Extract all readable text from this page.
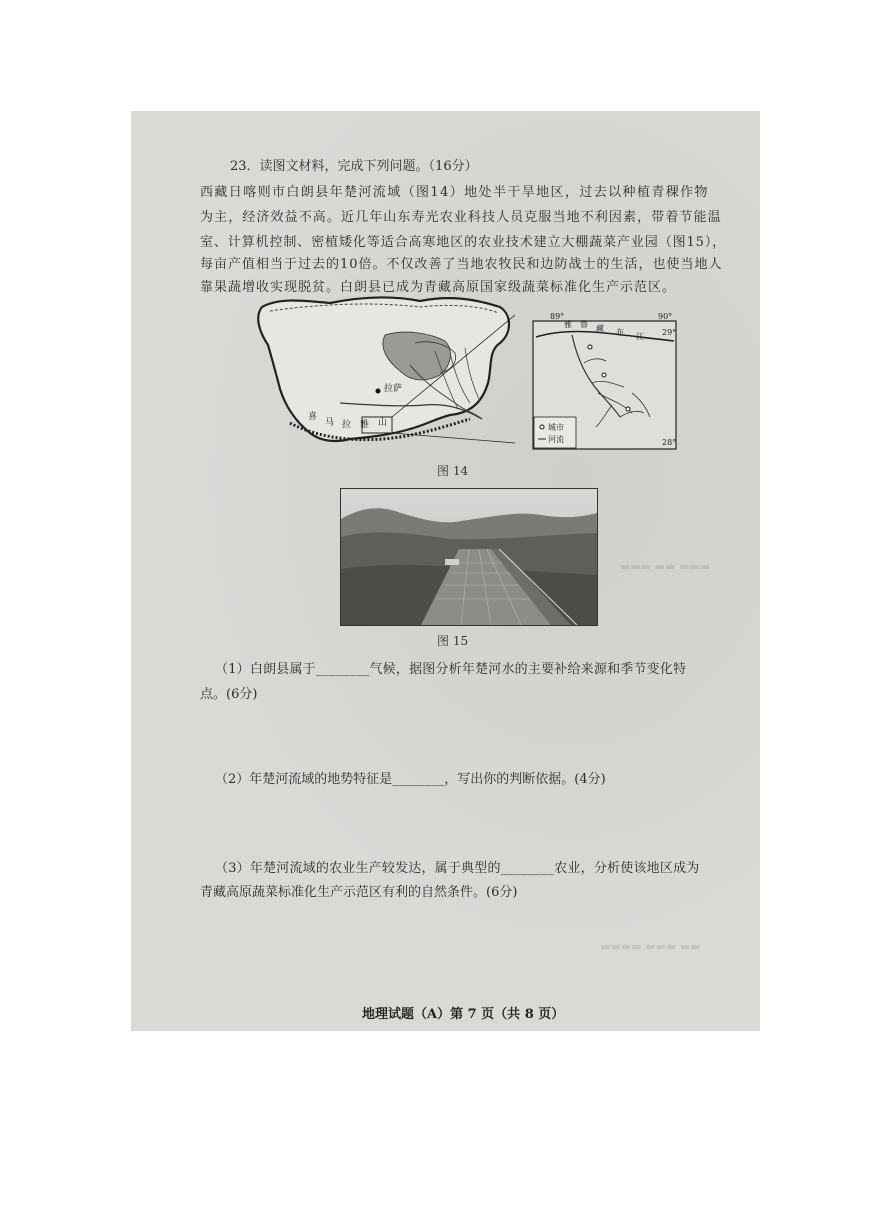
▬▬▬ ▬▬ ▬▬▬
▬▬▬▬ ▬▬▬ ▬▬
23．读图文材料，完成下列问题。（16分）
西藏日喀则市白朗县年楚河流域（图14）地处半干旱地区，过去以种植青稞作物
为主，经济效益不高。近几年山东寿光农业科技人员克服当地不利因素，带着节能温
室、计算机控制、密植矮化等适合高寒地区的农业技术建立大棚蔬菜产业园（图15），
每亩产值相当于过去的10倍。不仅改善了当地农牧民和边防战士的生活，也使当地人
靠果蔬增收实现脱贫。白朗县已成为青藏高原国家级蔬菜标准化生产示范区。
拉萨
喜
马 拉 雅 山
89°	90°
29°
28°
雅 鲁 藏 布 江
城市
河流
图 14
图 15
（1）白朗县属于________气候，据图分析年楚河水的主要补给来源和季节变化特
点。(6分)
（2）年楚河流域的地势特征是________，写出你的判断依据。(4分)
（3）年楚河流域的农业生产较发达，属于典型的________农业，分析使该地区成为
青藏高原蔬菜标准化生产示范区有利的自然条件。(6分)
地理试题（A）第 7 页（共 8 页）
